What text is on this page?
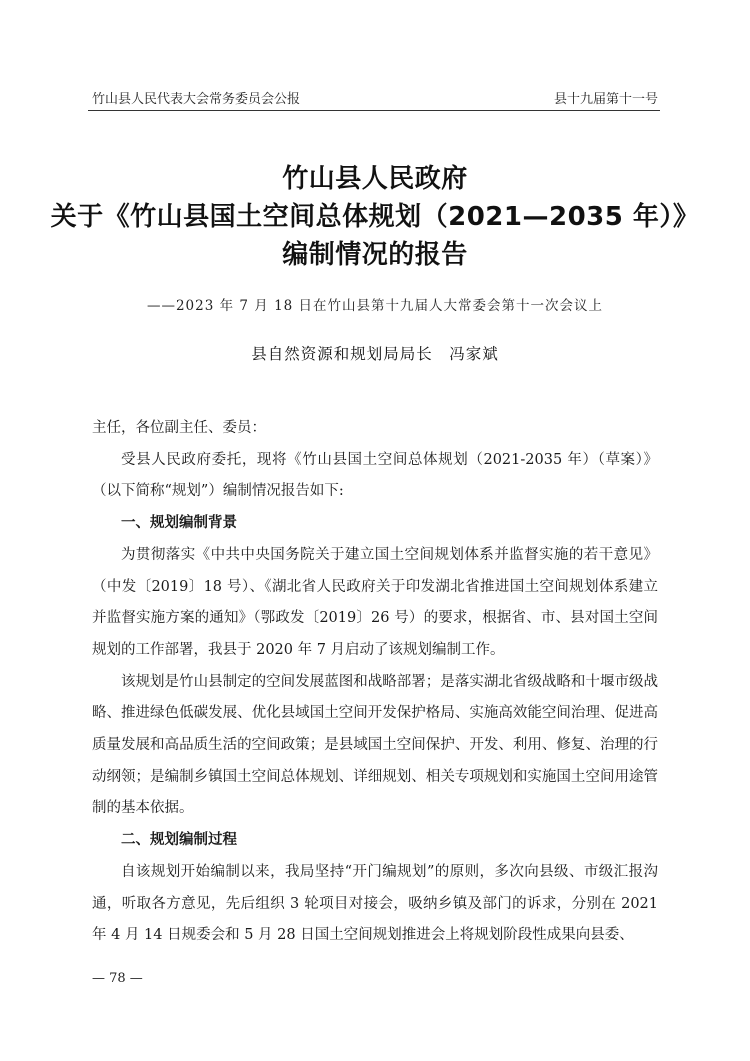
竹山县人民代表大会常务委员会公报	县十九届第十一号
竹山县人民政府
关于《竹山县国土空间总体规划（2021—2035 年）》
编制情况的报告
——2023 年 7 月 18 日在竹山县第十九届人大常委会第十一次会议上
县自然资源和规划局局长　冯家斌

主任，各位副主任、委员：

受县人民政府委托，现将《竹山县国土空间总体规划（2021-2035 年）（草案）》（以下简称“规划”）编制情况报告如下:

一、规划编制背景

为贯彻落实《中共中央国务院关于建立国土空间规划体系并监督实施的若干意见》（中发〔2019〕18 号）、《湖北省人民政府关于印发湖北省推进国土空间规划体系建立并监督实施方案的通知》（鄂政发〔2019〕26 号）的要求，根据省、市、县对国土空间规划的工作部署，我县于 2020 年 7 月启动了该规划编制工作。

该规划是竹山县制定的空间发展蓝图和战略部署；是落实湖北省级战略和十堰市级战略、推进绿色低碳发展、优化县域国土空间开发保护格局、实施高效能空间治理、促进高质量发展和高品质生活的空间政策；是县域国土空间保护、开发、利用、修复、治理的行动纲领；是编制乡镇国土空间总体规划、详细规划、相关专项规划和实施国土空间用途管制的基本依据。

二、规划编制过程

自该规划开始编制以来，我局坚持“开门编规划”的原则，多次向县级、市级汇报沟通，听取各方意见，先后组织 3 轮项目对接会，吸纳乡镇及部门的诉求，分别在 2021 年 4 月 14 日规委会和 5 月 28 日国土空间规划推进会上将规划阶段性成果向县委、

— 78 —
